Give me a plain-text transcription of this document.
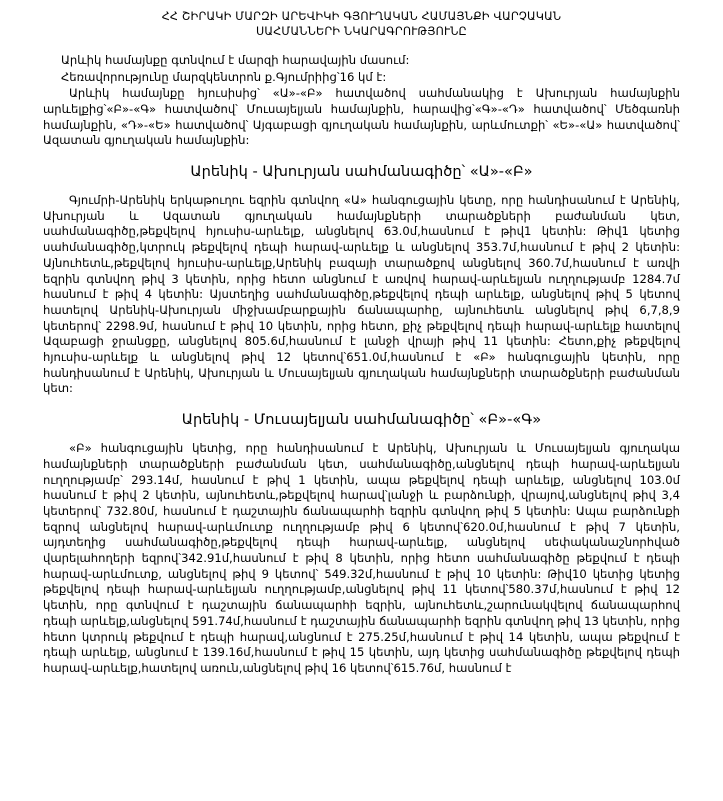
ՀՀ ՇԻՐԱԿԻ ՄԱՐԶԻ ԱՐԵՎԻԿԻ ԳՅՈՒՂԱԿԱՆ ՀԱՄԱՅՆՔԻ ՎԱՐՉԱԿԱՆ
ՍԱՀՄԱՆՆԵՐԻ ՆԿԱՐԱԳՐՈՒԹՅՈՒՆԸ
Արևիկ համայնքը գտնվում է մարզի հարավային մասում:
Հեռավորությունը մարզկենտրոն ք.Գյումրիից՝16 կմ է:

Արևիկ համայնքը հյուսիսից՝ «Ա»-«Բ» հատվածով սահմանակից է Ախուրյան համայնքին արևելքից՝«Բ»-«Գ» հատվածով՝ Մուսայելյան համայնքին, հարավից՝«Գ»-«Դ» հատվածով՝ Մեծգառնի համայնքին, «Դ»-«Ե» հատվածով՝ Այգաբացի գյուղական համայնքին, արևմուտքի՝ «Ե»-«Ա» հատվածով՝ Ազատան գյուղական համայնքին:

Արենիկ - Ախուրյան սահմանագիծը՝ «Ա»-«Բ»

Գյումրի-Արենիկ երկաթուղու եզրին գտնվող «Ա» հանգուցային կետը, որը հանդիսանում է Արենիկ, Ախուրյան և Ազատան գյուղական համայնքների տարածքների բաժանման կետ, սահմանագիծը,թեքվելով հյուսիս-արևելք, անցնելով 63.0մ,հասնում է թիվ1 կետին: Թիվ1 կետից սահմանագիծը,կտրուկ թեքվելով դեպի հարավ-արևելք և անցնելով 353.7մ,հասնում է թիվ 2 կետին: Այնուհետև,թեքվելով հյուսիս-արևելք,Արենիկ բազայի տարածքով անցնելով 360.7մ,հասնում է առվի եզրին գտնվող թիվ 3 կետին, որից հետո անցնում է առվով հարավ-արևելյան ուղղությամբ 1284.7մ հասնում է թիվ 4 կետին: Այստեղից սահմանագիծը,թեքվելով դեպի արևելք, անցնելով թիվ 5 կետով հատելով Արենիկ-Ախուրյան միջխամբարքային ճանապարհը, այնուհետև անցնելով թիվ 6,7,8,9 կետերով՝ 2298.9մ, հասնում է թիվ 10 կետին, որից հետո, քիչ թեքվելով դեպի հարավ-արևելք հատելով Ազաբացի ջրանցքը, անցնելով 805.6մ,հասնում է լանջի վրայի թիվ 11 կետին: Հետո,քիչ թեքվելով հյուսիս-արևելք և անցնելով թիվ 12 կետով՝651.0մ,հասնում է «Բ» հանգուցային կետին, որը հանդիսանում է Արենիկ, Ախուրյան և Մուսայելյան գյուղական համայնքների տարածքների բաժանման կետ:

Արենիկ - Մուսայելյան սահմանագիծը՝ «Բ»-«Գ»

«Բ» հանգուցային կետից, որը հանդիսանում է Արենիկ, Ախուրյան և Մուսայելյան գյուղակա համայնքների տարածքների բաժանման կետ, սահմանագիծը,անցնելով դեպի հարավ-արևելյան ուղղությամբ՝ 293.14մ, հասնում է թիվ 1 կետին, ապա թեքվելով դեպի արևելք, անցնելով 103.0մ հասնում է թիվ 2 կետին, այնուհետև,թեքվելով հարավ՝լանջի և բարձունքի, վրայով,անցնելով թիվ 3,4 կետերով՝ 732.80մ, հասնում է դաշտային ճանապարհի եզրին գտնվող թիվ 5 կետին: Ապա բարձունքի եզրով անցնելով հարավ-արևմուտք ուղղությամբ թիվ 6 կետով՝620.0մ,հասնում է թիվ 7 կետին, այդտեղից սահմանագիծը,թեքվելով դեպի հարավ-արևելք, անցնելով սեփականաշնորհված վարելահողերի եզրով՝342.91մ,հասնում է թիվ 8 կետին, որից հետո սահմանագիծը թեքվում է դեպի հարավ-արևմուտք, անցնելով թիվ 9 կետով՝ 549.32մ,հասնում է թիվ 10 կետին: Թիվ10 կետից կետից թեքվելով դեպի հարավ-արևելյան ուղղությամբ,անցնելով թիվ 11 կետով՝580.37մ,հասնում է թիվ 12 կետին, որը գտնվում է դաշտային ճանապարհի եզրին, այնուհետև,շարունակվելով ճանապարհով դեպի արևելք,անցնելով 591.74մ,հասնում է դաշտային ճանապարհի եզրին գտնվող թիվ 13 կետին, որից հետո կտրուկ թեքվում է դեպի հարավ,անցնում է 275.25մ,հասնում է թիվ 14 կետին, ապա թեքվում է դեպի արևելք, անցնում է 139.16մ,հասնում է թիվ 15 կետին, այդ կետից սահմանագիծը թեքվելով դեպի հարավ-արևելք,հատելով առուն,անցնելով թիվ 16 կետով՝615.76մ, հասնում է
